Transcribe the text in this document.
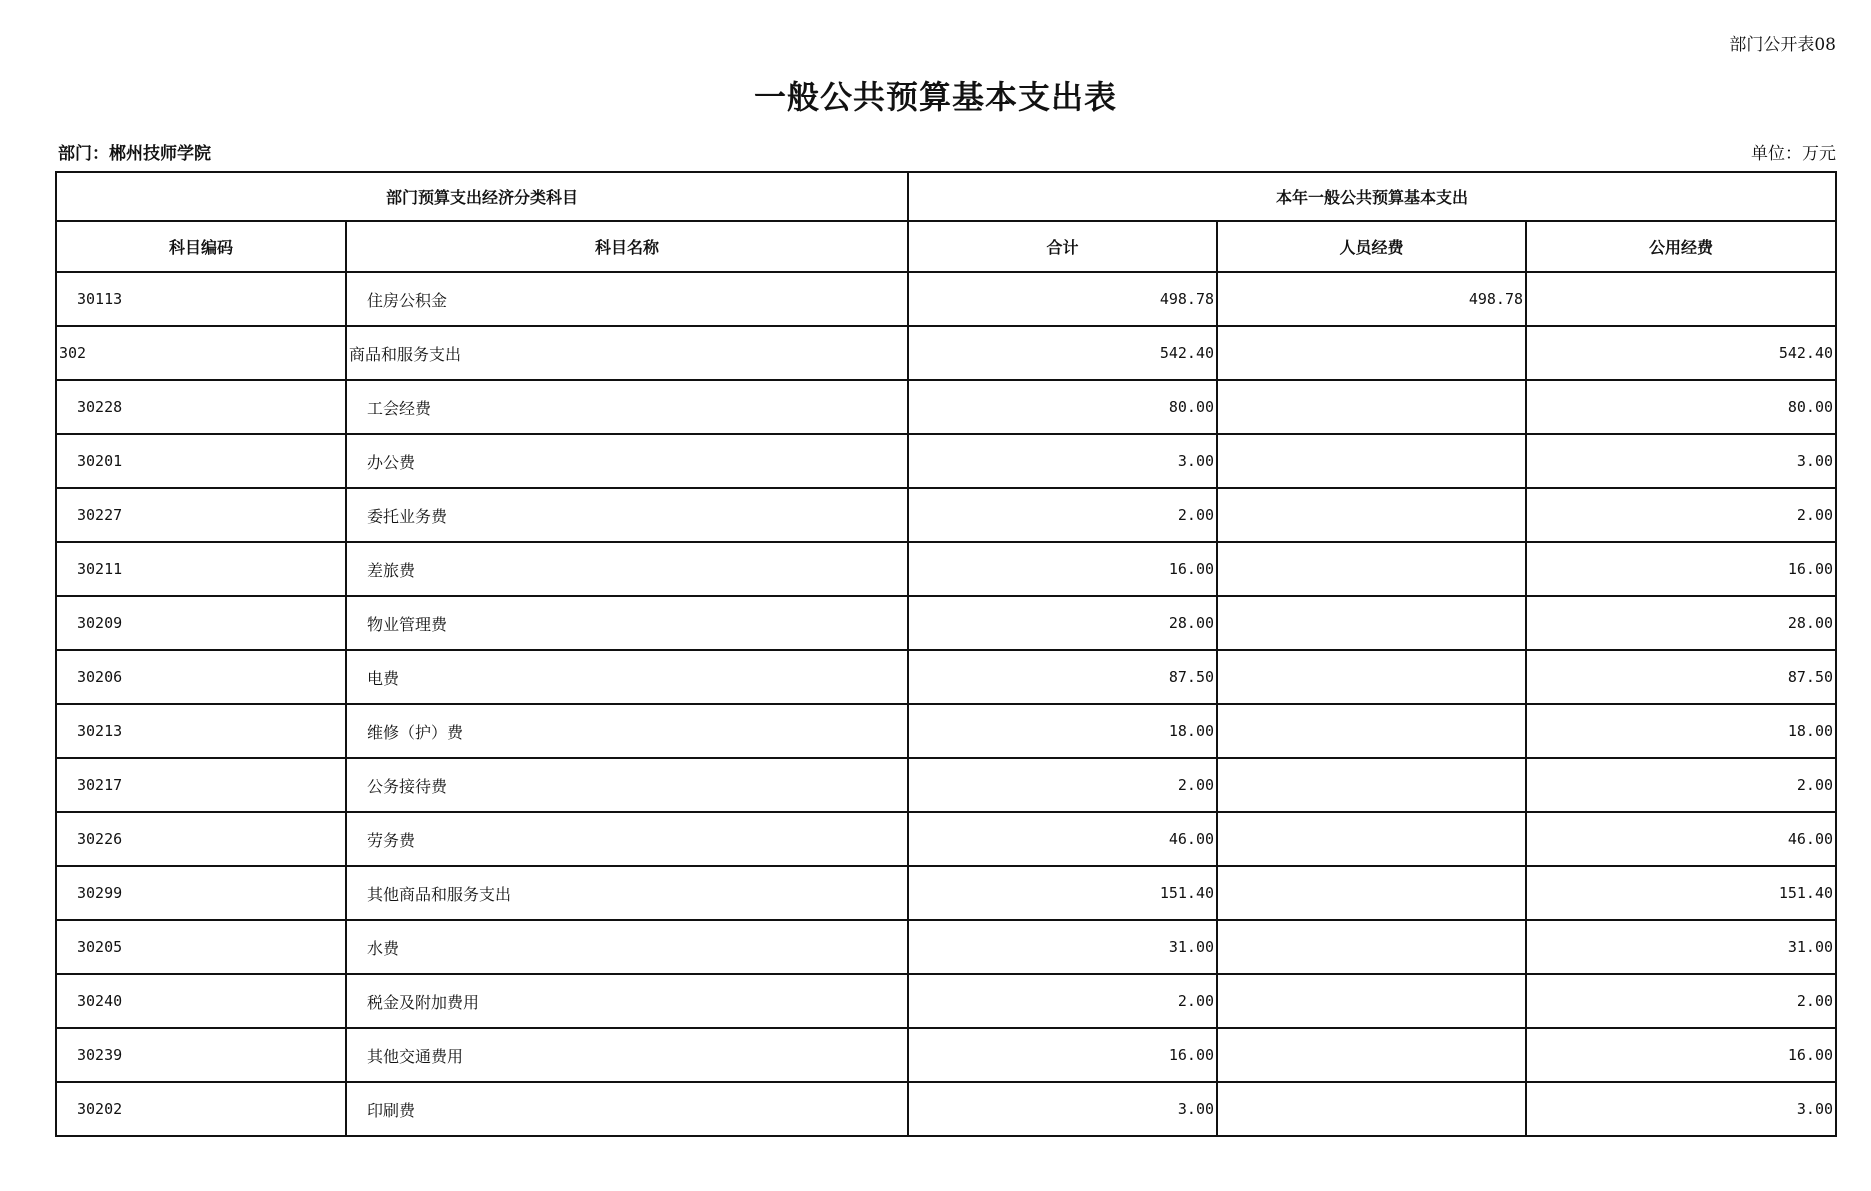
部门公开表08
一般公共预算基本支出表
部门：郴州技师学院	单位：万元
部门预算支出经济分类科目		本年一般公共预算基本支出		
科目编码	科目名称	合计	人员经费	公用经费
30113	住房公积金	498.78	498.78	
302	商品和服务支出	542.40		542.40
30228	工会经费	80.00		80.00
30201	办公费	3.00		3.00
30227	委托业务费	2.00		2.00
30211	差旅费	16.00		16.00
30209	物业管理费	28.00		28.00
30206	电费	87.50		87.50
30213	维修（护）费	18.00		18.00
30217	公务接待费	2.00		2.00
30226	劳务费	46.00		46.00
30299	其他商品和服务支出	151.40		151.40
30205	水费	31.00		31.00
30240	税金及附加费用	2.00		2.00
30239	其他交通费用	16.00		16.00
30202	印刷费	3.00		3.00
